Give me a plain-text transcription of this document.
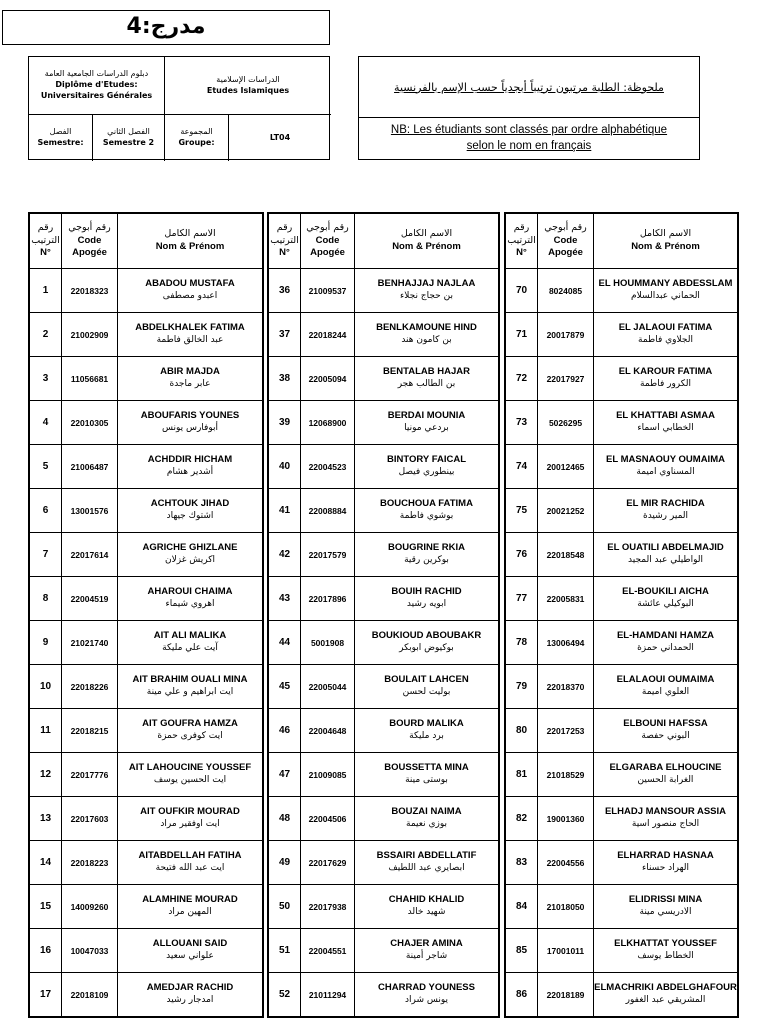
مدرج:4
دبلوم الدراسات الجامعية العامة
Diplôme d'Etudes:
Universitaires Générales
الدراسات الإسلامية
Etudes Islamiques
الفصل
Semestre:
الفصل الثاني
Semestre 2
المجموعة
Groupe:
LT04
ملحوظة: الطلبة مرتبون ترتيباً أبجدياً حسب الإسم بالفرنسية
NB: Les étudiants sont classés par ordre alphabétique
selon le nom en français
رقم الترتيب
N°	رقم أبوجي
Code
Apogée	الاسم الكامل
Nom & Prénom

1	22018323	ABADOU MUSTAFA
اعبدو مصطفى

2	21002909	ABDELKHALEK FATIMA
عبد الخالق فاطمة

3	11056681	ABIR MAJDA
عابر ماجدة

4	22010305	ABOUFARIS YOUNES
أبوفارس يونس

5	21006487	ACHDDIR HICHAM
أشدير هشام

6	13001576	ACHTOUK JIHAD
اشتوك جيهاد

7	22017614	AGRICHE GHIZLANE
اكريش غزلان

8	22004519	AHAROUI CHAIMA
اهروي شيماء

9	21021740	AIT ALI MALIKA
آيت علي مليكة

10	22018226	AIT BRAHIM OUALI MINA
ايت ابراهيم و علي مينة

11	22018215	AIT GOUFRA HAMZA
ايت كوفرى حمزة

12	22017776	AIT LAHOUCINE YOUSSEF
ايت الحسين يوسف

13	22017603	AIT OUFKIR MOURAD
ايت اوفقير مراد

14	22018223	AITABDELLAH FATIHA
ايت عبد الله فتيحة

15	14009260	ALAMHINE MOURAD
المهين مراد

16	10047033	ALLOUANI SAID
علواني سعيد

17	22018109	AMEDJAR RACHID
امدجار رشيد
رقم الترتيب
N°	رقم أبوجي
Code
Apogée	الاسم الكامل
Nom & Prénom

36	21009537	BENHAJJAJ NAJLAA
بن حجاج نجلاء

37	22018244	BENLKAMOUNE HIND
بن كامون هند

38	22005094	BENTALAB HAJAR
بن الطالب هجر

39	12068900	BERDAI MOUNIA
بردعي مونيا

40	22004523	BINTORY FAICAL
بينطوري فيصل

41	22008884	BOUCHOUA FATIMA
بوشوي فاطمة

42	22017579	BOUGRINE RKIA
بوكرين رقية

43	22017896	BOUIH RACHID
ابويه رشيد

44	5001908	BOUKIOUD ABOUBAKR
بوكيوض ابوبكر

45	22005044	BOULAIT LAHCEN
بوليت لحسن

46	22004648	BOURD MALIKA
برد مليكة

47	21009085	BOUSSETTA MINA
بوستى مينة

48	22004506	BOUZAI NAIMA
بوزي نعيمة

49	22017629	BSSAIRI ABDELLATIF
ابصايري عبد اللطيف

50	22017938	CHAHID KHALID
شهيد خالد

51	22004551	CHAJER AMINA
شاجر أمينة

52	21011294	CHARRAD YOUNESS
يونس شراد
رقم الترتيب
N°	رقم أبوجي
Code
Apogée	الاسم الكامل
Nom & Prénom

70	8024085	EL HOUMMANY ABDESSLAM
الحماني عبدالسلام

71	20017879	EL JALAOUI FATIMA
الجلاوي فاطمة

72	22017927	EL KAROUR FATIMA
الكرور فاطمة

73	5026295	EL KHATTABI ASMAA
الخطابي اسماء

74	20012465	EL MASNAOUY OUMAIMA
المسناوي اميمة

75	20021252	EL MIR RACHIDA
المير رشيدة

76	22018548	EL OUATILI ABDELMAJID
الواطيلي عبد المجيد

77	22005831	EL-BOUKILI AICHA
البوكيلي عائشة

78	13006494	EL-HAMDANI HAMZA
الحمداني حمزة

79	22018370	ELALAOUI OUMAIMA
العلوي اميمة

80	22017253	ELBOUNI HAFSSA
البوني حفصة

81	21018529	ELGARABA ELHOUCINE
الغرابة الحسين

82	19001360	ELHADJ MANSOUR ASSIA
الحاج منصور اسية

83	22004556	ELHARRAD HASNAA
الهراد حسناء

84	21018050	ELIDRISSI MINA
الادريسي مينة

85	17001011	ELKHATTAT YOUSSEF
الخطاط يوسف

86	22018189	ELMACHRIKI ABDELGHAFOUR
المشريقي عبد الغفور
